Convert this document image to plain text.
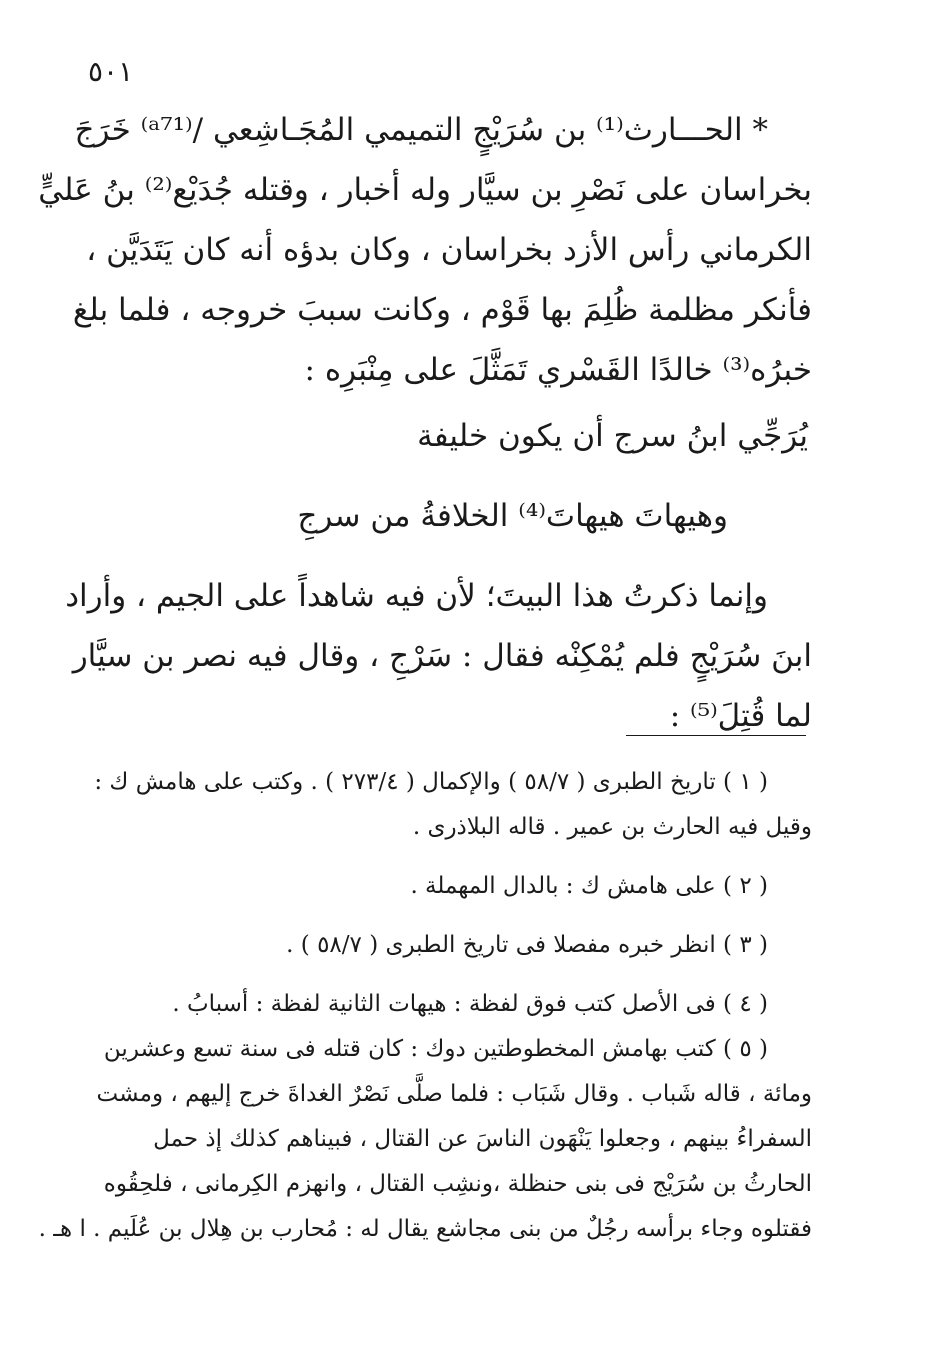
٥٠١
* الحـــارث⁽¹⁾ بن سُرَيْجٍ التميمي المُجَـاشِعي /⁽ᵃ⁷¹⁾ خَرَجَ
بخراسان على نَصْرِ بن سيَّار وله أخبار ، وقتله جُدَيْع⁽²⁾ بنُ عَليٍّ
الكرماني رأس الأزد بخراسان ، وكان بدؤه أنه كان يَتَدَيَّن ،
فأنكر مظلمة ظُلِمَ بها قَوْم ، وكانت سببَ خروجه ، فلما بلغ
خبرُه⁽³⁾ خالدًا القَسْري تَمَثَّلَ على مِنْبَرِه :
يُرَجِّي ابنُ سرج أن يكون خليفة
وهيهاتَ هيهاتَ⁽⁴⁾ الخلافةُ من سرجِ
وإنما ذكرتُ هذا البيتَ؛ لأن فيه شاهداً على الجيم ، وأراد
ابنَ سُرَيْجٍ فلم يُمْكِنْه فقال : سَرْجِ ، وقال فيه نصر بن سيَّار
لما قُتِلَ⁽⁵⁾ :
( ١ ) تاريخ الطبرى ( ٥٨/٧ ) والإكمال ( ٢٧٣/٤ ) . وكتب على هامش ك :
وقيل فيه الحارث بن عمير . قاله البلاذرى .
( ٢ ) على هامش ك : بالدال المهملة .
( ٣ ) انظر خبره مفصلا فى تاريخ الطبرى ( ٥٨/٧ ) .
( ٤ ) فى الأصل كتب فوق لفظة : هيهات الثانية لفظة : أسبابُ .
( ٥ ) كتب بهامش المخطوطتين دوك : كان قتله فى سنة تسع وعشرين
ومائة ، قاله شَباب . وقال شَبَاب : فلما صلَّى نَصْرٌ الغداةَ خرج إليهم ، ومشت
السفراءُ بينهم ، وجعلوا يَنْهَون الناسَ عن القتال ، فبيناهم كذلك إذ حمل
الحارثُ بن سُرَيْج فى بنى حنظلة ،ونشِب القتال ، وانهزم الكِرمانى ، فلحِقُوه
فقتلوه وجاء برأسه رجُلٌ من بنى مجاشع يقال له : مُحارب بن هِلال بن عُلَيم . ا هـ .
